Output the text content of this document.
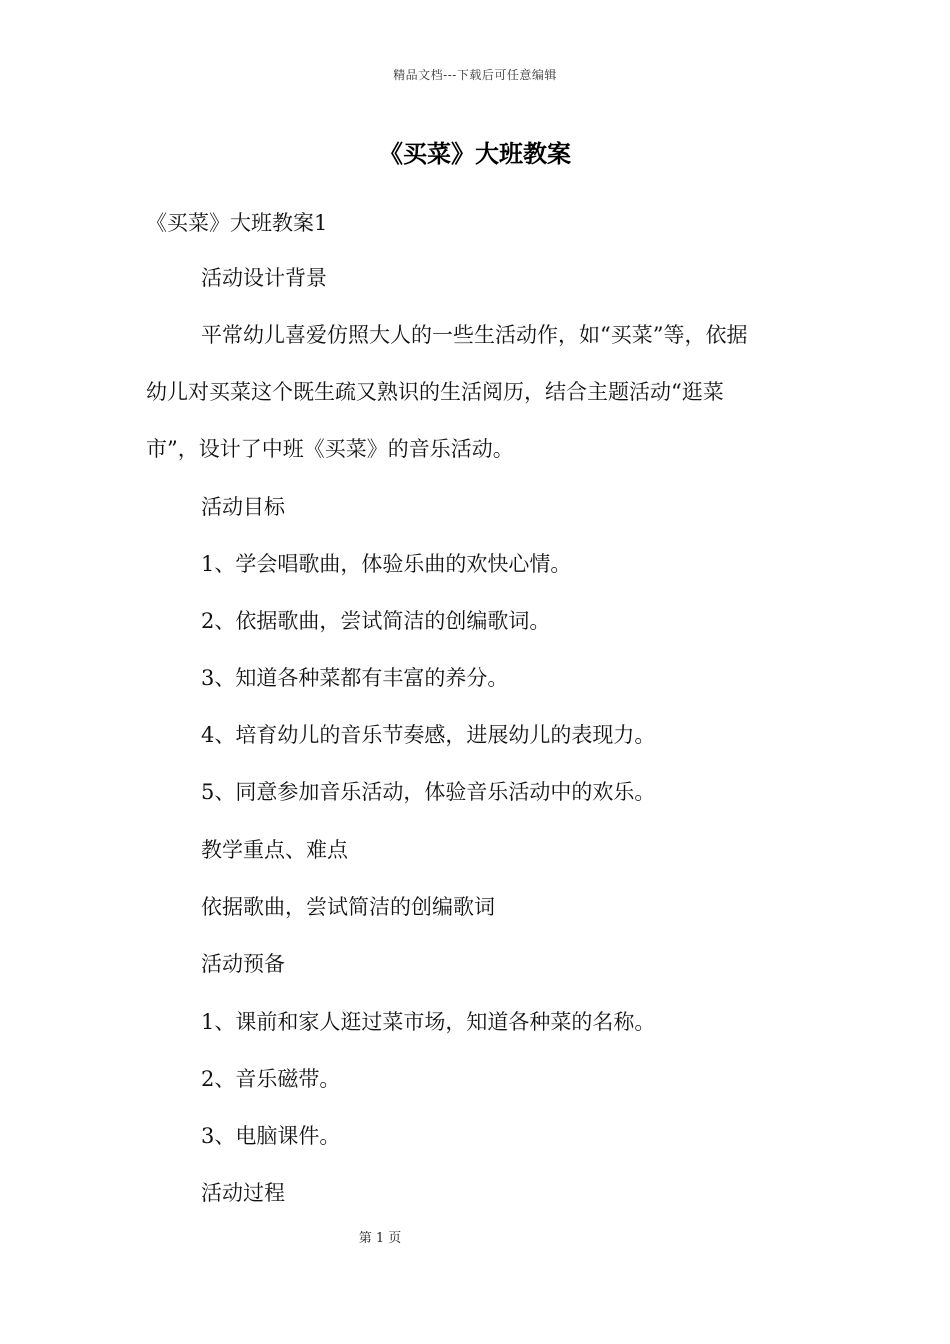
精品文档---下载后可任意编辑
《买菜》大班教案
《买菜》大班教案1
活动设计背景
平常幼儿喜爱仿照大人的一些生活动作，如“买菜”等，依据
幼儿对买菜这个既生疏又熟识的生活阅历，结合主题活动“逛菜
市”，设计了中班《买菜》的音乐活动。
活动目标
1、学会唱歌曲，体验乐曲的欢快心情。
2、依据歌曲，尝试简洁的创编歌词。
3、知道各种菜都有丰富的养分。
4、培育幼儿的音乐节奏感，进展幼儿的表现力。
5、同意参加音乐活动，体验音乐活动中的欢乐。
教学重点、难点
依据歌曲，尝试简洁的创编歌词
活动预备
1、课前和家人逛过菜市场，知道各种菜的名称。
2、音乐磁带。
3、电脑课件。
活动过程
第 1 页
